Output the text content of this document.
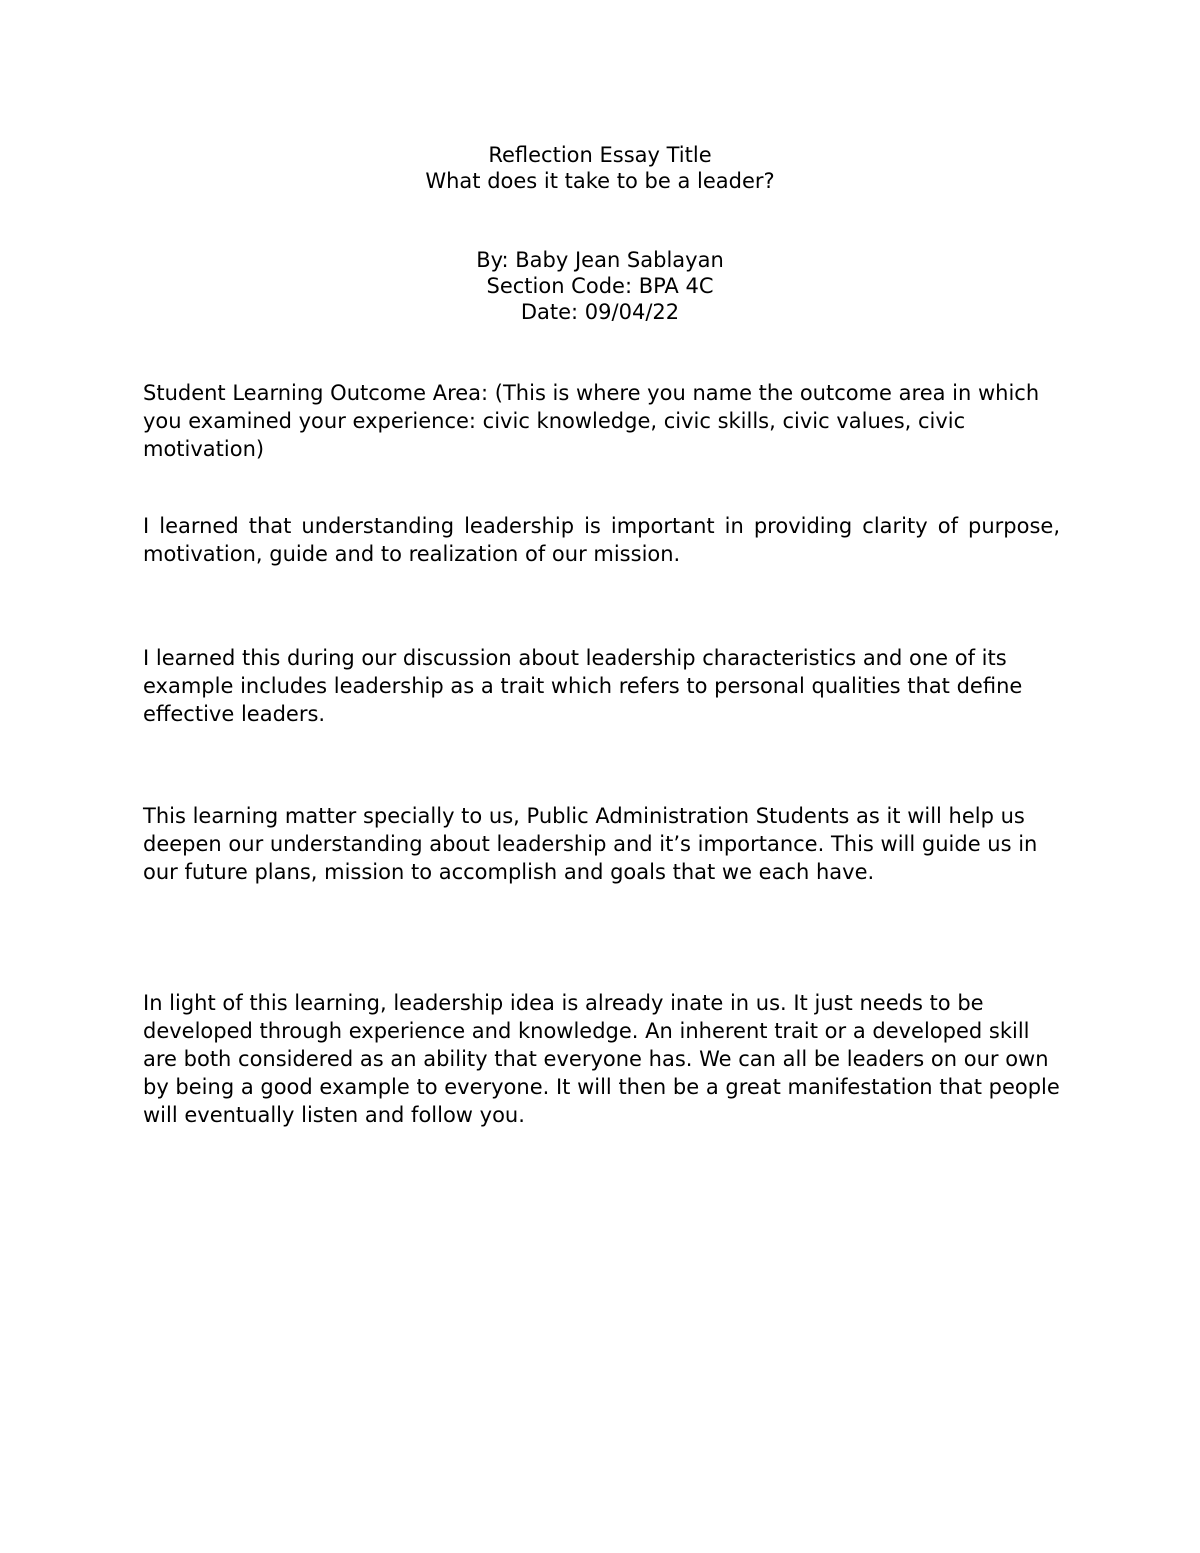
Reflection Essay Title
What does it take to be a leader?
By: Baby Jean Sablayan
Section Code: BPA 4C
Date: 09/04/22

Student Learning Outcome Area: (This is where you name the outcome area in which you examined your experience: civic knowledge, civic skills, civic values, civic motivation)

I learned that understanding leadership is important in providing clarity of purpose, motivation, guide and to realization of our mission.

I learned this during our discussion about leadership characteristics and one of its example includes leadership as a trait which refers to personal qualities that define effective leaders.

This learning matter specially to us, Public Administration Students as it will help us deepen our understanding about leadership and it’s importance. This will guide us in our future plans, mission to accomplish and goals that we each have.

In light of this learning, leadership idea is already inate in us. It just needs to be developed through experience and knowledge. An inherent trait or a developed skill are both considered as an ability that everyone has. We can all be leaders on our own by being a good example to everyone. It will then be a great manifestation that people will eventually listen and follow you.
